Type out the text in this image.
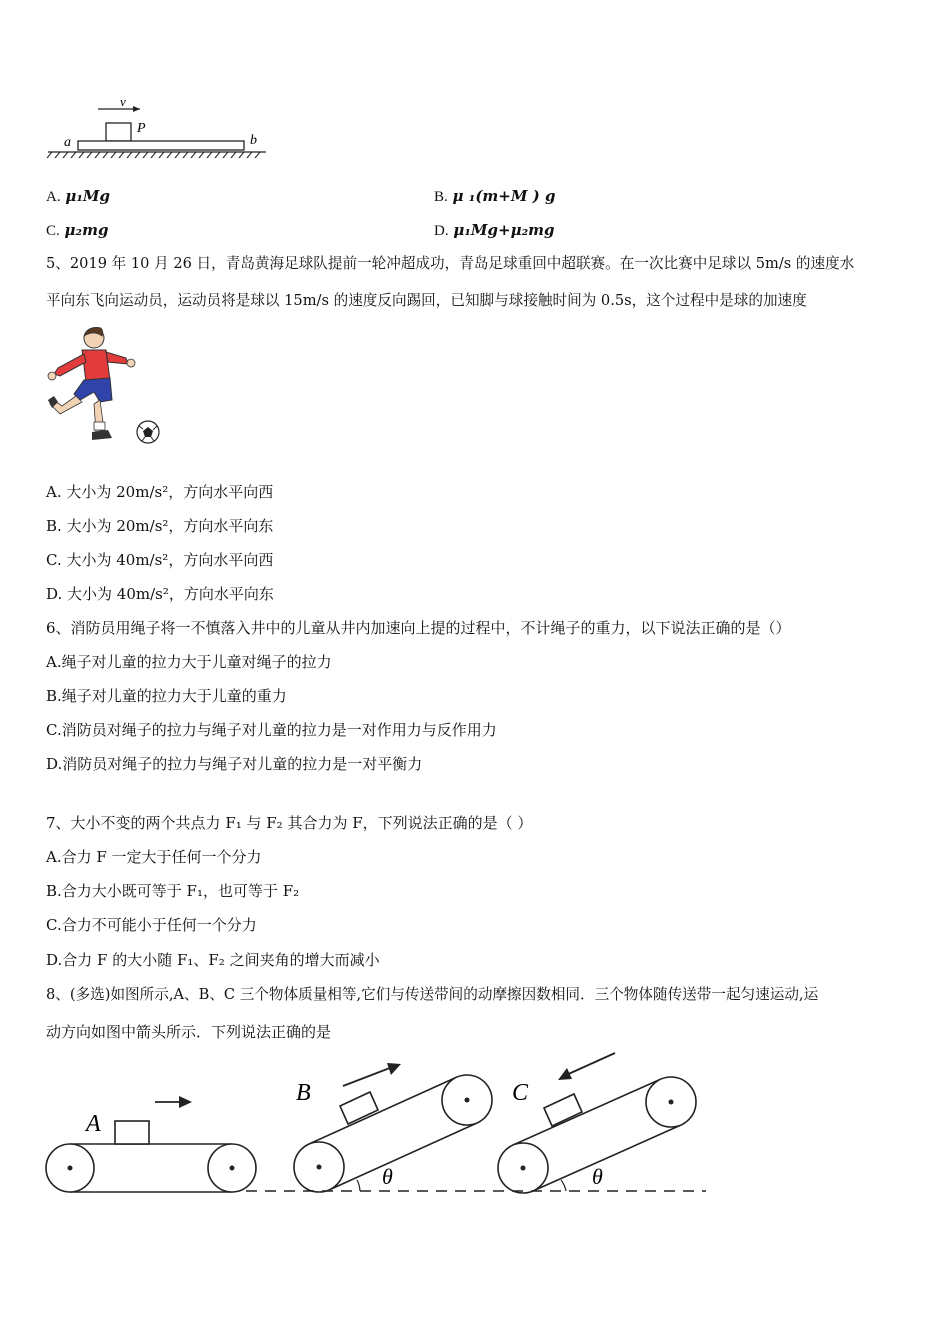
v
P
a	b
A. μ₁Mg	B. μ ₁(m+M ) g
C. μ₂mg	D. μ₁Mg+μ₂mg
5、2019 年 10 月 26 日，青岛黄海足球队提前一轮冲超成功，青岛足球重回中超联赛。在一次比赛中足球以 5m/s 的速度水
平向东飞向运动员，运动员将是球以 15m/s 的速度反向踢回，已知脚与球接触时间为 0.5s，这个过程中是球的加速度
A. 大小为 20m/s²，方向水平向西
B. 大小为 20m/s²，方向水平向东
C. 大小为 40m/s²，方向水平向西
D. 大小为 40m/s²，方向水平向东
6、消防员用绳子将一不慎落入井中的儿童从井内加速向上提的过程中，不计绳子的重力，以下说法正确的是（）
A.绳子对儿童的拉力大于儿童对绳子的拉力
B.绳子对儿童的拉力大于儿童的重力
C.消防员对绳子的拉力与绳子对儿童的拉力是一对作用力与反作用力
D.消防员对绳子的拉力与绳子对儿童的拉力是一对平衡力
7、大小不变的两个共点力 F₁ 与 F₂ 其合力为 F，下列说法正确的是（ ）
A.合力 F 一定大于任何一个分力
B.合力大小既可等于 F₁，也可等于 F₂
C.合力不可能小于任何一个分力
D.合力 F 的大小随 F₁、F₂ 之间夹角的增大而减小
8、(多选)如图所示,A、B、C 三个物体质量相等,它们与传送带间的动摩擦因数相同．三个物体随传送带一起匀速运动,运
动方向如图中箭头所示．下列说法正确的是
A
B
θ
C
θ
